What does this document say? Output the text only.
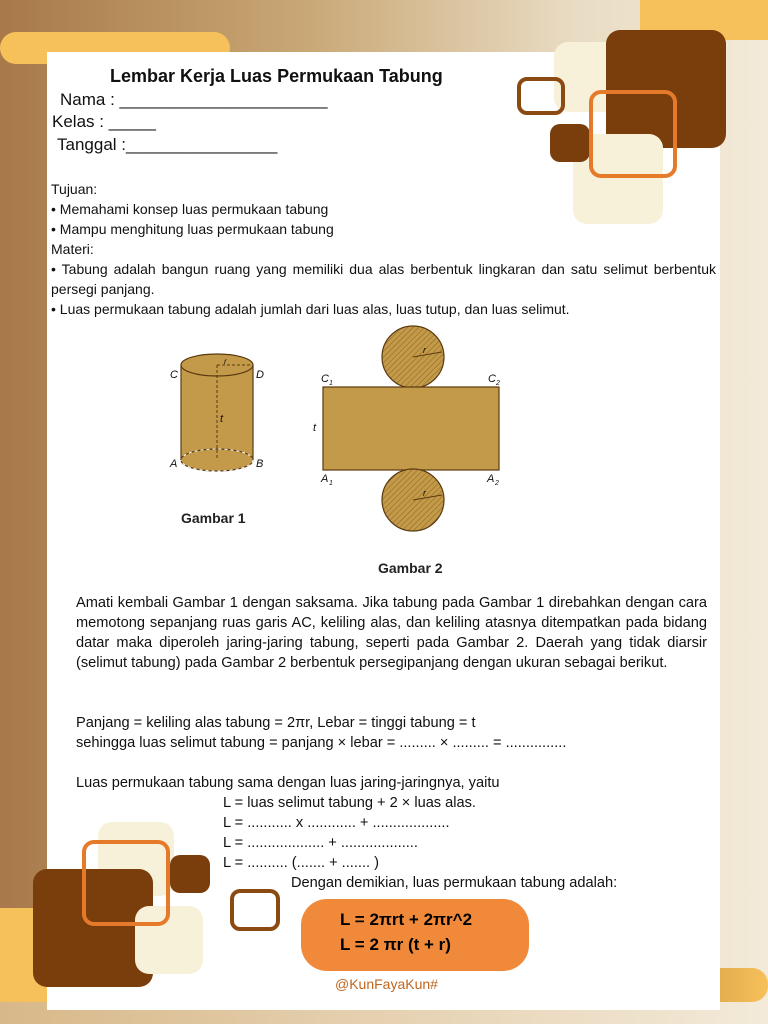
Lembar Kerja Luas Permukaan Tabung
Nama : ______________________
Kelas : _____
Tanggal :________________
Tujuan:
• Memahami konsep luas permukaan tabung
• Mampu menghitung luas permukaan tabung
Materi:
• Tabung adalah bangun ruang yang memiliki dua alas berbentuk lingkaran dan satu selimut berbentuk persegi panjang.
• Luas permukaan tabung adalah jumlah dari luas alas, luas tutup, dan luas selimut.
C	D
A	B
t
r
Gambar 1
r
r
C 1	C 2
A 1	A 2
t
Gambar 2
Amati kembali Gambar 1 dengan saksama. Jika tabung pada Gambar 1 direbahkan dengan cara memotong sepanjang ruas garis AC, keliling alas, dan keliling atasnya ditempatkan pada bidang datar maka diperoleh jaring-jaring tabung, seperti pada Gambar 2. Daerah yang tidak diarsir (selimut tabung) pada Gambar 2 berbentuk persegipanjang dengan ukuran sebagai berikut.
Panjang = keliling alas tabung = 2πr, Lebar = tinggi tabung = t
sehingga luas selimut tabung = panjang × lebar = ......... × ......... = ...............
Luas permukaan tabung sama dengan luas jaring-jaringnya, yaitu
L = luas selimut tabung + 2 × luas alas.
L = ........... x ............ + ...................
L = ................... + ...................
L = .......... (....... + ....... )
Dengan demikian, luas permukaan tabung adalah:
L = 2πrt + 2πr^2
L = 2 πr (t + r)
@KunFayaKun#
